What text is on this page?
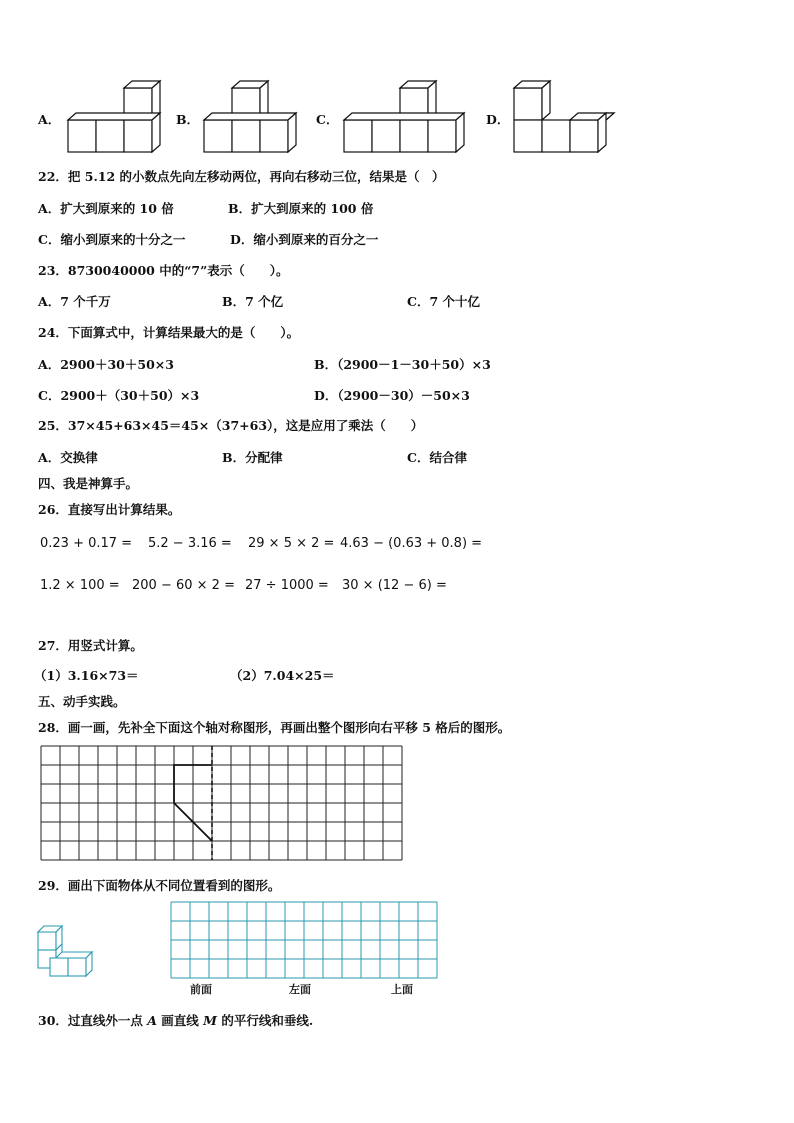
A．	B．	C．	D．
22．把 5.12 的小数点先向左移动两位，再向右移动三位，结果是（　）
A．扩大到原来的 10 倍	B．扩大到原来的 100 倍
C．缩小到原来的十分之一	D．缩小到原来的百分之一
23．8730040000 中的“7”表示（　　）。
A．7 个千万	B．7 个亿	C．7 个十亿
24．下面算式中，计算结果最大的是（　　）。
A．2900＋30＋50×3	B．（2900－1－30＋50）×3
C．2900＋（30＋50）×3	D．（2900－30）－50×3
25．37×45+63×45＝45×（37+63），这是应用了乘法（　　）
A．交换律	B．分配律	C．结合律
四、我是神算手。
26．直接写出计算结果。
0.23 + 0.17 = 5.2 − 3.16 = 29 × 5 × 2 = 4.63 − (0.63 + 0.8) =
1.2 × 100 = 200 − 60 × 2 = 27 ÷ 1000 = 30 × (12 − 6) =
27．用竖式计算。
（1）3.16×73＝	（2）7.04×25＝
五、动手实践。
28．画一画，先补全下面这个轴对称图形，再画出整个图形向右平移 5 格后的图形。
29．画出下面物体从不同位置看到的图形。
前面	左面	上面
30．过直线外一点 A 画直线 M 的平行线和垂线.
